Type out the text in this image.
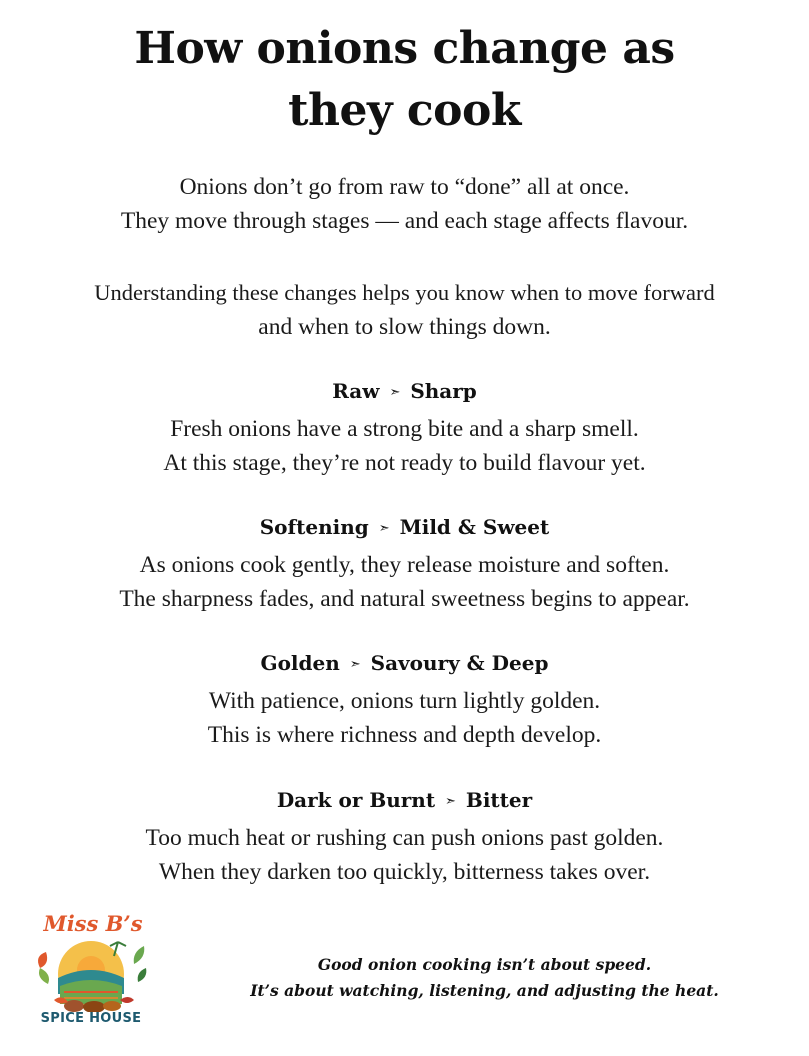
How onions change as
they cook
Onions don’t go from raw to “done” all at once.
They move through stages — and each stage affects flavour.
Understanding these changes helps you know when to move forward
and when to slow things down.
Raw ➣ Sharp
Fresh onions have a strong bite and a sharp smell.
At this stage, they’re not ready to build flavour yet.
Softening ➣ Mild & Sweet
As onions cook gently, they release moisture and soften.
The sharpness fades, and natural sweetness begins to appear.
Golden ➣ Savoury & Deep
With patience, onions turn lightly golden.
This is where richness and depth develop.
Dark or Burnt ➣ Bitter
Too much heat or rushing can push onions past golden.
When they darken too quickly, bitterness takes over.
Miss B’s
SPICE HOUSE
Good onion cooking isn’t about speed.
It’s about watching, listening, and adjusting the heat.
